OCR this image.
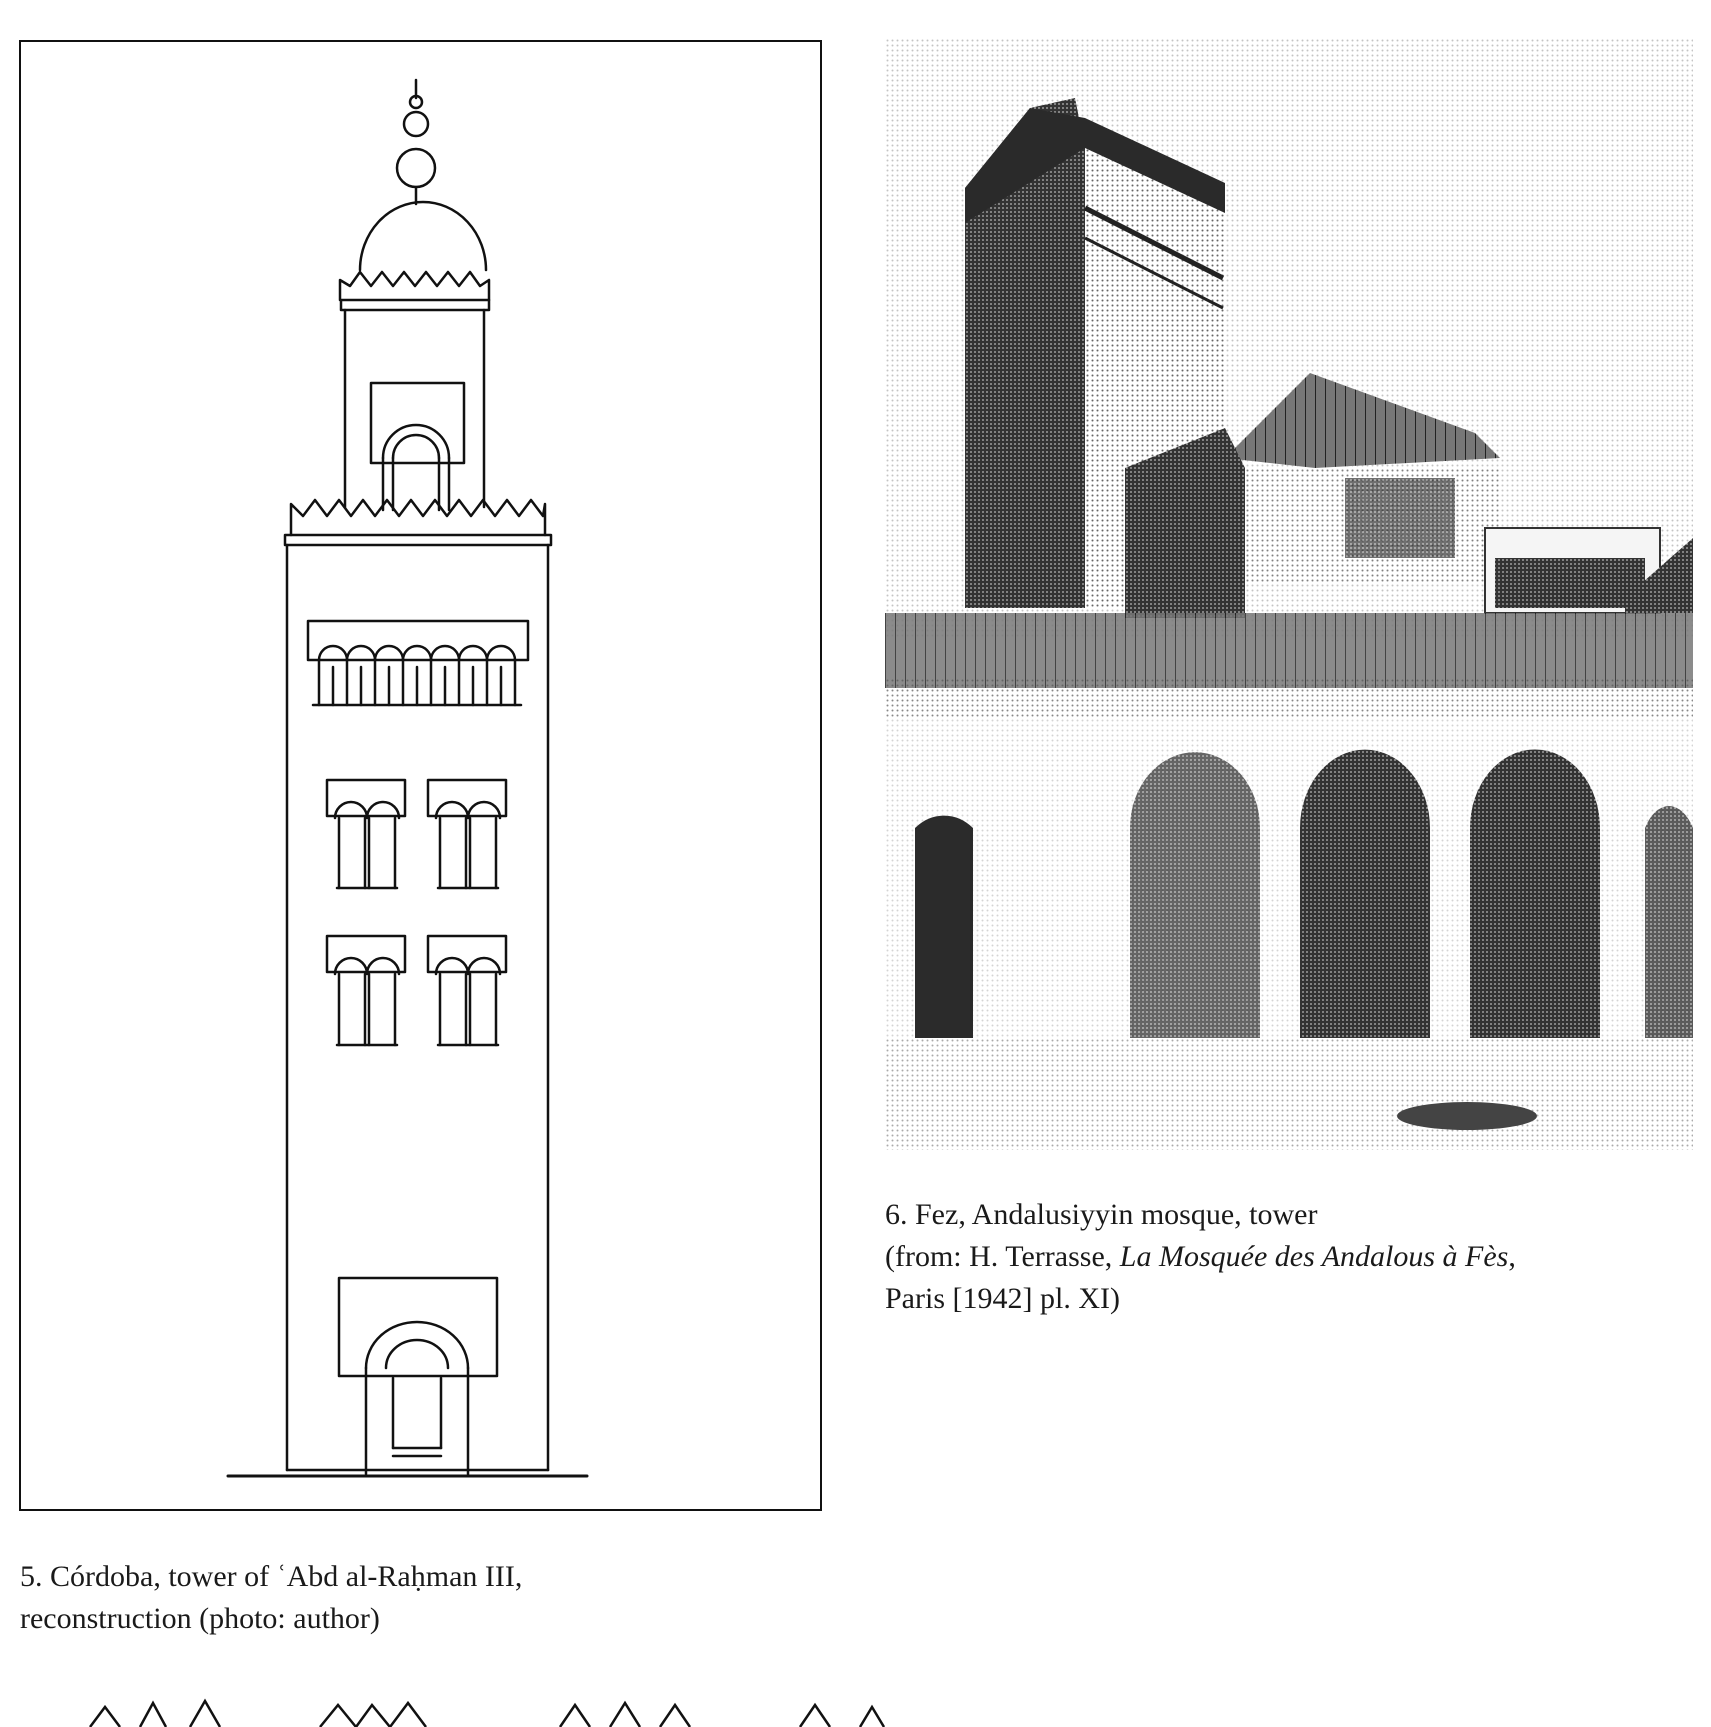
6. Fez, Andalusiyyin mosque, tower
(from: H. Terrasse, La Mosquée des Andalous à Fès,
Paris [1942] pl. XI)
5. Córdoba, tower of ʿAbd al-Raḥman III,
reconstruction (photo: author)
